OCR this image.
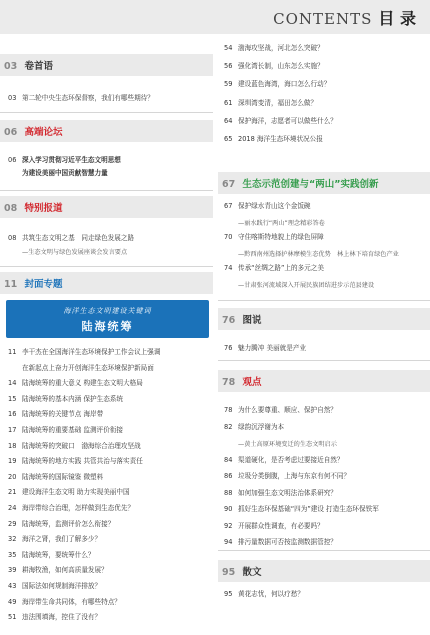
CONTENTS 目 录
03 卷首语
03 第二轮中央生态环保督察，我们有哪些期待？
06 高端论坛
06 深入学习贯彻习近平生态文明思想
为建设美丽中国贡献智慧力量
08 特别报道
08 共筑生态文明之基　同走绿色发展之路
—生态文明与绿色发展座谈会发言要点
11 封面专题
海洋生态文明建设关键词
陆海统筹
11 李干杰在全国海洋生态环境保护工作会议上强调
在新起点上奋力开创海洋生态环境保护新局面
14 陆海统筹的重大意义 构建生态文明大格局
15 陆海统筹的基本内涵 保护生态系统
16 陆海统筹的关键节点 海岸带
17 陆海统筹的重要基础 监测评价衔接
18 陆海统筹的突破口　渤海综合治理攻坚战
19 陆海统筹的地方实践 共管共治与落实责任
20 陆海统筹的国际镜鉴 微塑料
21 建设海洋生态文明 助力实现美丽中国
24 海岸带综合治理，怎样做到生态优先？
29 陆海统筹，监测评价怎么衔接？
32 海洋之肾，我们了解多少？
35 陆海统筹，要统筹什么？
39 耕海牧渔，如何高质量发展？
43 国际法如何规制海洋排放？
49 海岸带生命共同体，有哪些特点？
51 违法围填海，控住了没有？
54 渤海攻坚战，河北怎么突破？
56 强化湾长制，山东怎么实施？
59 建设蓝色海湾，海口怎么行动？
61 深圳湾变清，福田怎么做？
64 保护海洋，志愿者可以做些什么？
65 2018 海洋生态环境状况公报
67 生态示范创建与“两山”实践创新
67 保护绿水青山这个金饭碗
—丽水践行“两山”理念精彩答卷
70 守住喀斯特地貌上的绿色屏障
—黔西南州选择护林摩模生态优势　林上林下培育绿色产业
74 传承“丝绸之路”上的多元之美
—甘肃张河流域深入开展民族团结进步示范县建设
76 图说
76 魅力腾冲 美丽就是产业
78 观点
78 为什么要尊重、顺应、保护自然？
82 绿韵沉浮谢为本
—黄土高原环境变迁的生态文明启示
84 渠道硬化，是否考虑过要接近自然？
86 垃圾分类倒腹，上海与东京有何不同？
88 如何加强生态文明法治体系研究？
90 抓好生态环保基础“四为”建设 打造生态环保铁军
92 开展群众性调查，有必要吗？
94 排污量数据可否按监测数据管控？
95 散文
95 黄花志忧，何以疗愁？
